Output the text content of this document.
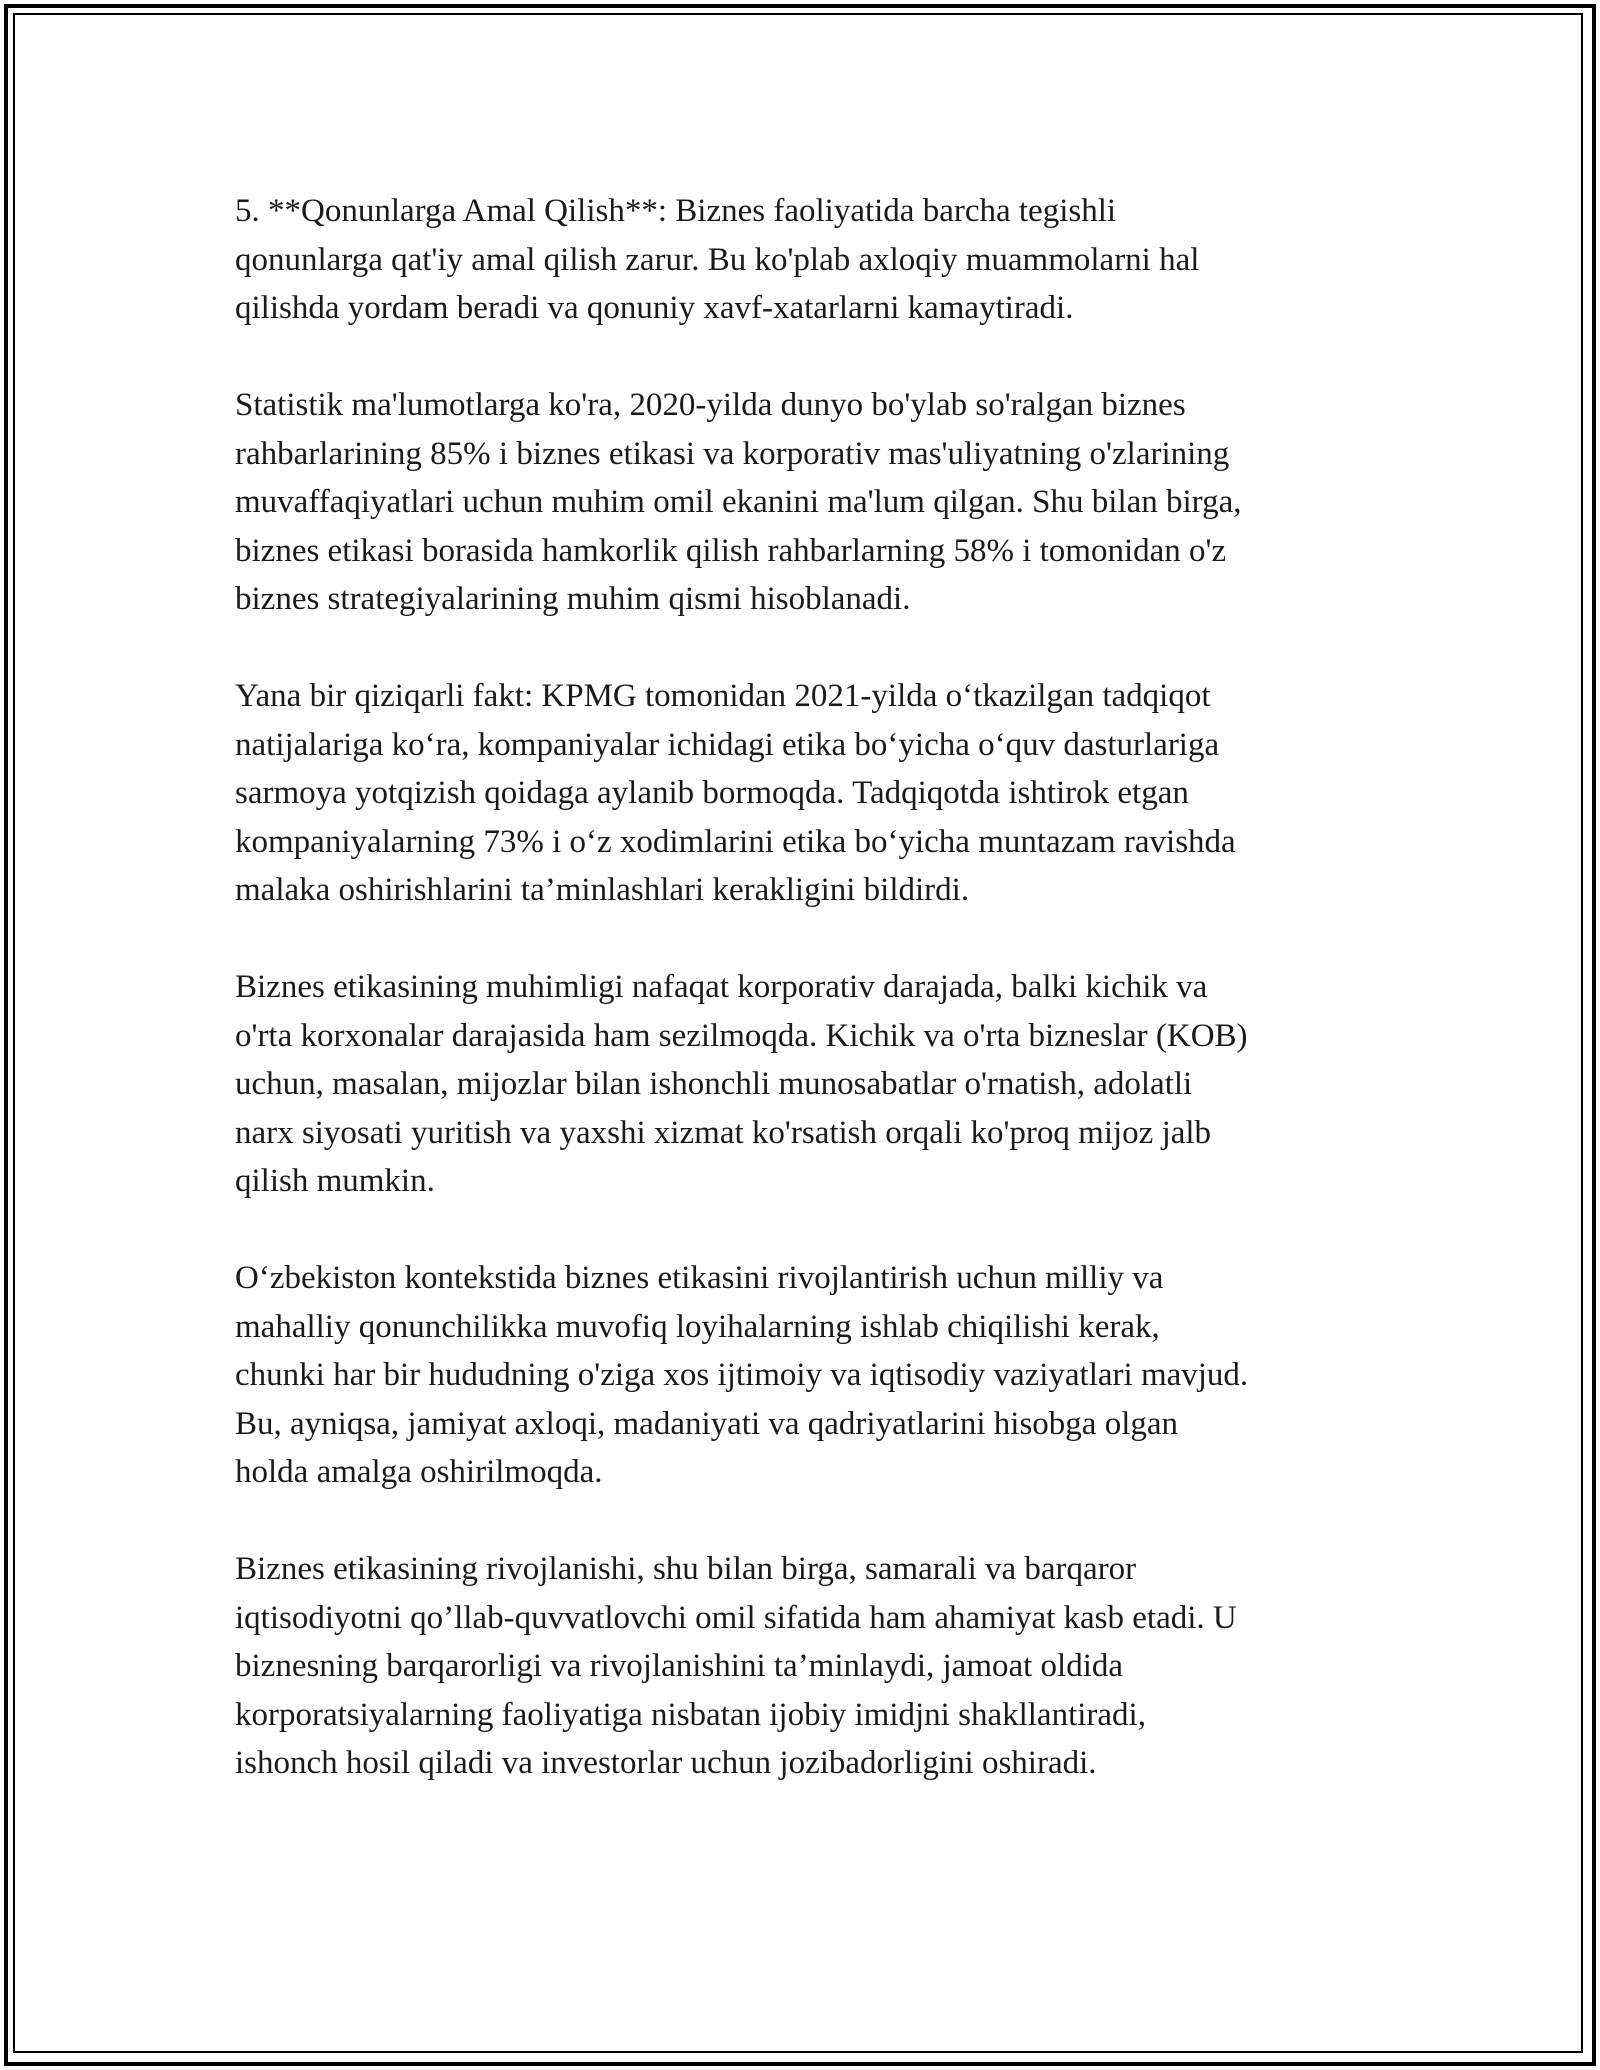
5. **Qonunlarga Amal Qilish**: Biznes faoliyatida barcha tegishli
qonunlarga qat'iy amal qilish zarur. Bu ko'plab axloqiy muammolarni hal
qilishda yordam beradi va qonuniy xavf-xatarlarni kamaytiradi.

Statistik ma'lumotlarga ko'ra, 2020-yilda dunyo bo'ylab so'ralgan biznes
rahbarlarining 85% i biznes etikasi va korporativ mas'uliyatning o'zlarining
muvaffaqiyatlari uchun muhim omil ekanini ma'lum qilgan. Shu bilan birga,
biznes etikasi borasida hamkorlik qilish rahbarlarning 58% i tomonidan o'z
biznes strategiyalarining muhim qismi hisoblanadi.

Yana bir qiziqarli fakt: KPMG tomonidan 2021-yilda oʻtkazilgan tadqiqot
natijalariga koʻra, kompaniyalar ichidagi etika boʻyicha oʻquv dasturlariga
sarmoya yotqizish qoidaga aylanib bormoqda. Tadqiqotda ishtirok etgan
kompaniyalarning 73% i oʻz xodimlarini etika boʻyicha muntazam ravishda
malaka oshirishlarini ta’minlashlari kerakligini bildirdi.

Biznes etikasining muhimligi nafaqat korporativ darajada, balki kichik va
o'rta korxonalar darajasida ham sezilmoqda. Kichik va o'rta bizneslar (KOB)
uchun, masalan, mijozlar bilan ishonchli munosabatlar o'rnatish, adolatli
narx siyosati yuritish va yaxshi xizmat ko'rsatish orqali ko'proq mijoz jalb
qilish mumkin.

Oʻzbekiston kontekstida biznes etikasini rivojlantirish uchun milliy va
mahalliy qonunchilikka muvofiq loyihalarning ishlab chiqilishi kerak,
chunki har bir hududning o'ziga xos ijtimoiy va iqtisodiy vaziyatlari mavjud.
Bu, ayniqsa, jamiyat axloqi, madaniyati va qadriyatlarini hisobga olgan
holda amalga oshirilmoqda.

Biznes etikasining rivojlanishi, shu bilan birga, samarali va barqaror
iqtisodiyotni qo’llab-quvvatlovchi omil sifatida ham ahamiyat kasb etadi. U
biznesning barqarorligi va rivojlanishini ta’minlaydi, jamoat oldida
korporatsiyalarning faoliyatiga nisbatan ijobiy imidjni shakllantiradi,
ishonch hosil qiladi va investorlar uchun jozibadorligini oshiradi.
